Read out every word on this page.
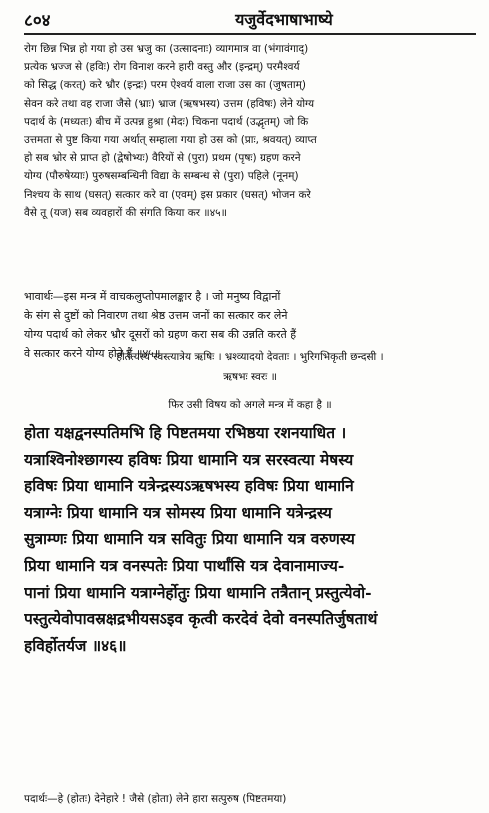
८०४	यजुर्वेदभाषाभाष्ये
रोग छिन्न भिन्न हो गया हो उस भ्रजु का (उत्सादनाः) व्यागमात्र वा (भंगावंगाद्)
प्रत्येक भ्रज्ज से (हविः) रोग विनाश करने हारी वस्तु और (इन्द्रम्) परमैश्वर्य
को सिद्ध (करत्) करे भ्रौर (इन्द्रः) परम ऐश्वर्य वाला राजा उस का (जुषताम्)
सेवन करे तथा वह राजा जैसे (भ्राः) भ्राज (ऋषभस्य) उत्तम (हविषः) लेने योग्य
पदार्थ के (मध्यतः) बीच में उत्पन्न हुश्रा (मेदः) चिकना पदार्थ (उद्भृतम्) जो कि
उत्तमता से पुष्ट किया गया अर्थात् सम्हाला गया हो उस को (प्राः, श्रवयत्) व्याप्त
हो सब भ्रोर से प्राप्त हो (द्वेषोभ्यः) वैरियों से (पुरा) प्रथम (पृषः) ग्रहण करने
योग्य (पौरुषेय्याः) पुरुषसम्बन्धिनी विद्या के सम्बन्ध से (पुरा) पहिले (नूनम्)
निश्चय के साथ (घसत्) सत्कार करे वा (एवम्) इस प्रकार (घसत्) भोजन करे
वैसे तू (यज) सब व्यवहारों की संगति किया कर ॥४५॥
भावार्थः—इस मन्त्र में वाचकलुप्तोपमालङ्कार है । जो मनुष्य विद्वानों
के संग से दुष्टों को निवारण तथा श्रेष्ठ उत्तम जनों का सत्कार कर लेने
योग्य पदार्थ को लेकर भ्रौर दूसरों को ग्रहण करा सब की उन्नति करते हैं
वे सत्कार करने योग्य होते हैं ॥४५॥
होतेत्यस्य स्वस्त्यात्रेय ऋषिः । भ्रश्व्यादयो देवताः । भुरिगभिकृती छन्दसी ।
ऋषभः स्वरः ॥
फिर उसी विषय को अगले मन्त्र में कहा है ॥
होता यक्षद्वनस्पतिमभि हि पिष्टतमया रभिष्ठया रशनयाधित ।
यत्राश्विनोश्छागस्य हविषः प्रिया धामानि यत्र सरस्वत्या मेषस्य
हविषः प्रिया धामानि यत्रेन्द्रस्यऽऋषभस्य हविषः प्रिया धामानि
यत्राग्नेः प्रिया धामानि यत्र सोमस्य प्रिया धामानि यत्रेन्द्रस्य
सुत्राम्णः प्रिया धामानि यत्र सवितुः प्रिया धामानि यत्र वरुणस्य
प्रिया धामानि यत्र वनस्पतेः प्रिया पार्थांसि यत्र देवानामाज्य-
पानां प्रिया धामानि यत्राग्नेर्होतुः प्रिया धामानि तत्रैतान् प्रस्तुत्येवो-
पस्तुत्येवोपावस्रक्षद्रभीयसऽइव कृत्वी करदेवं देवो वनस्पतिर्जुषताथं
हविर्होतर्यज ॥४६॥
पदार्थः—हे (होतः) देनेहारे ! जैसे (होता) लेने हारा सत्पुरुष (पिष्टतमया)
